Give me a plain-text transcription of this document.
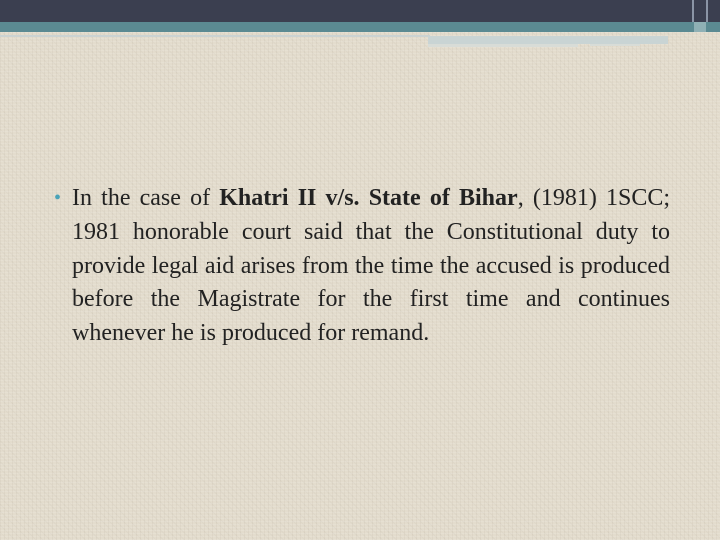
• In the case of Khatri II v/s. State of Bihar, (1981) 1SCC; 1981 honorable court said that the Constitutional duty to provide legal aid arises from the time the accused is produced before the Magistrate for the first time and continues whenever he is produced for remand.
